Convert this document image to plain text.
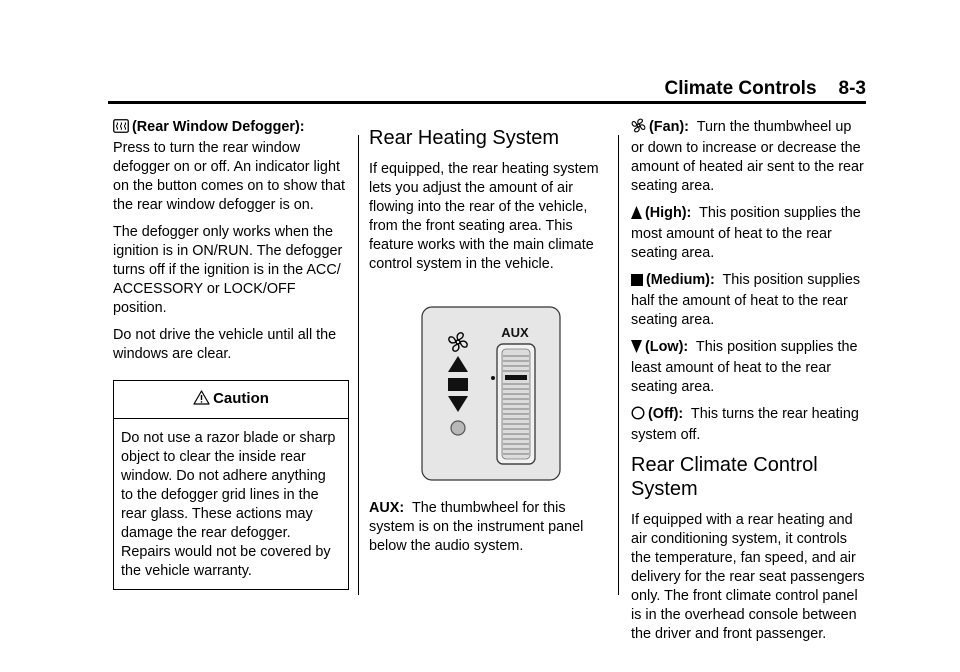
Climate Controls 8-3

(Rear Window Defogger):
Press to turn the rear window defogger on or off. An indicator light on the button comes on to show that the rear window defogger is on.

The defogger only works when the ignition is in ON/RUN. The defogger turns off if the ignition is in the ACC/ ACCESSORY or LOCK/OFF position.

Do not drive the vehicle until all the windows are clear.

Caution
Do not use a razor blade or sharp object to clear the inside rear window. Do not adhere anything to the defogger grid lines in the rear glass. These actions may damage the rear defogger. Repairs would not be covered by the vehicle warranty.
Rear Heating System

If equipped, the rear heating system lets you adjust the amount of air flowing into the rear of the vehicle, from the front seating area. This feature works with the main climate control system in the vehicle.

AUX

AUX: The thumbwheel for this system is on the instrument panel below the audio system.

(Fan): Turn the thumbwheel up or down to increase or decrease the amount of heated air sent to the rear seating area.

(High): This position supplies the most amount of heat to the rear seating area.

(Medium): This position supplies half the amount of heat to the rear seating area.

(Low): This position supplies the least amount of heat to the rear seating area.

(Off): This turns the rear heating system off.

Rear Climate Control System

If equipped with a rear heating and air conditioning system, it controls the temperature, fan speed, and air delivery for the rear seat passengers only. The front climate control panel is in the overhead console between the driver and front passenger.
